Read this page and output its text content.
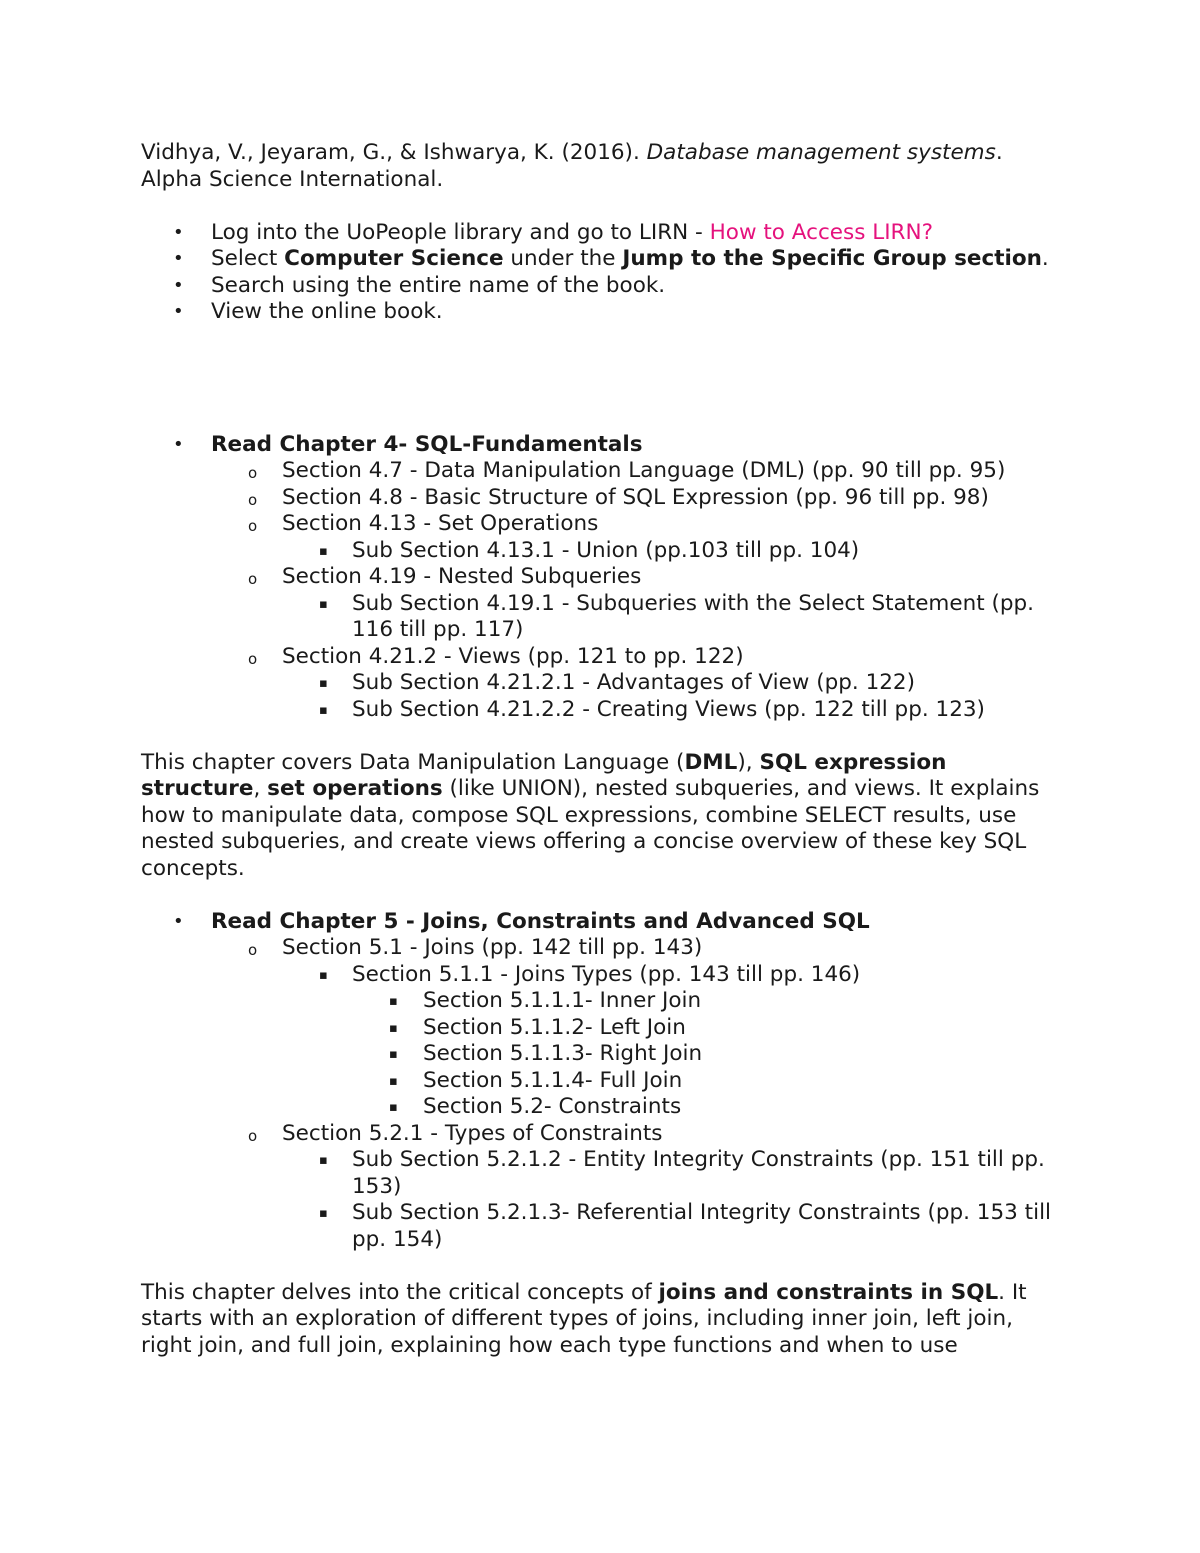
Vidhya, V., Jeyaram, G., & Ishwarya, K. (2016). Database management systems.
Alpha Science International.

• Log into the UoPeople library and go to LIRN - How to Access LIRN?
• Select Computer Science under the Jump to the Specific Group section.
• Search using the entire name of the book.
• View the online book.
• Read Chapter 4- SQL-Fundamentals
o Section 4.7 - Data Manipulation Language (DML) (pp. 90 till pp. 95)
o Section 4.8 - Basic Structure of SQL Expression (pp. 96 till pp. 98)
o Section 4.13 - Set Operations
▪ Sub Section 4.13.1 - Union (pp.103 till pp. 104)
o Section 4.19 - Nested Subqueries
▪ Sub Section 4.19.1 - Subqueries with the Select Statement (pp. 116 till pp. 117)
o Section 4.21.2 - Views (pp. 121 to pp. 122)
▪ Sub Section 4.21.2.1 - Advantages of View (pp. 122)
▪ Sub Section 4.21.2.2 - Creating Views (pp. 122 till pp. 123)

This chapter covers Data Manipulation Language (DML), SQL expression structure, set operations (like UNION), nested subqueries, and views. It explains how to manipulate data, compose SQL expressions, combine SELECT results, use nested subqueries, and create views offering a concise overview of these key SQL concepts.

• Read Chapter 5 - Joins, Constraints and Advanced SQL
o Section 5.1 - Joins (pp. 142 till pp. 143)
▪ Section 5.1.1 - Joins Types (pp. 143 till pp. 146)
▪ Section 5.1.1.1- Inner Join
▪ Section 5.1.1.2- Left Join
▪ Section 5.1.1.3- Right Join
▪ Section 5.1.1.4- Full Join
▪ Section 5.2- Constraints
o Section 5.2.1 - Types of Constraints
▪ Sub Section 5.2.1.2 - Entity Integrity Constraints (pp. 151 till pp. 153)
▪ Sub Section 5.2.1.3- Referential Integrity Constraints (pp. 153 till pp. 154)

This chapter delves into the critical concepts of joins and constraints in SQL. It starts with an exploration of different types of joins, including inner join, left join, right join, and full join, explaining how each type functions and when to use
